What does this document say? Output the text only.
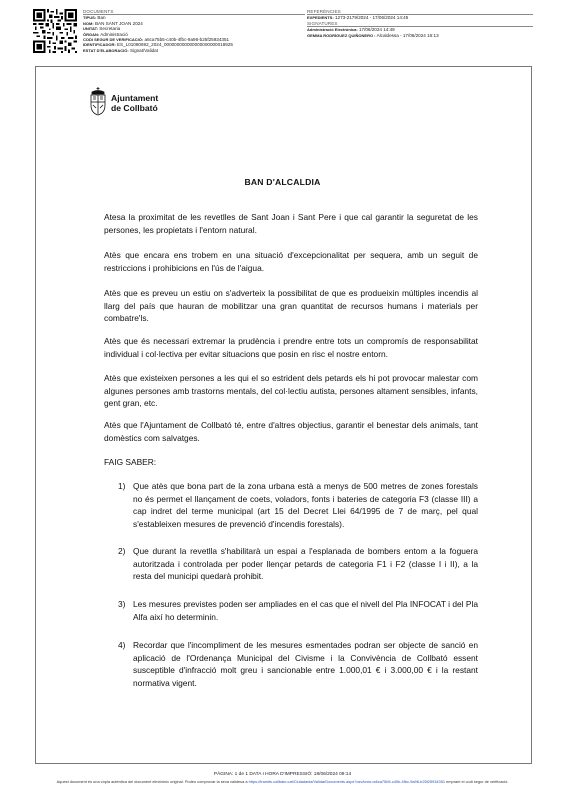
DOCUMENTS
TIPUS: Ban
NOM: BAN SANT JOAN 2024
UNITAT: Secretaria
ÒRGAN: Administració
CODI SEGUR DE VERIFICACIÓ: a6ca75b5-c40b-4fbc-9a96-b25f25934351
IDENTIFICADOR: ES_L01080692_2024_000000000000000000000018925
ESTAT D'ELABORACIÓ: Signat/Validat
REFERÈNCIES
EXPEDIENTS: 1273-2179/2024 - 17/06/2024 14:45
SIGNATURES
Administració Electrònica: 17/06/2024 14:49
GEMMA RODRÍGUEZ QUIÑONERO : Alcaldessa - 17/06/2024 16:13
Ajuntament
de Collbató
BAN D'ALCALDIA
Atesa la proximitat de les revetlles de Sant Joan i Sant Pere i que cal garantir la seguretat de les persones, les propietats i l'entorn natural.
Atès que encara ens trobem en una situació d'excepcionalitat per sequera, amb un seguit de restriccions i prohibicions en l'ús de l'aigua.
Atès que es preveu un estiu on s'adverteix la possibilitat de que es produeixin múltiples incendis al llarg del país que hauran de mobilitzar una gran quantitat de recursos humans i materials per combatre'ls.
Atès que és necessari extremar la prudència i prendre entre tots un compromís de responsabilitat individual i col·lectiva per evitar situacions que posin en risc el nostre entorn.
Atès que existeixen persones a les qui el so estrident dels petards els hi pot provocar malestar com algunes persones amb trastorns mentals, del col·lectiu autista, persones altament sensibles, infants, gent gran, etc.
Atès que l'Ajuntament de Collbató té, entre d'altres objectius, garantir el benestar dels animals, tant domèstics com salvatges.
FAIG SABER:
1) Que atès que bona part de la zona urbana està a menys de 500 metres de zones forestals no és permet el llançament de coets, voladors, fonts i bateries de categoria F3 (classe III) a cap indret del terme municipal (art 15 del Decret Llei 64/1995 de 7 de març, pel qual s'estableixen mesures de prevenció d'incendis forestals).
2) Que durant la revetlla s'habilitarà un espai a l'esplanada de bombers entom a la foguera autoritzada i controlada per poder llençar petards de categoria F1 i F2 (classe I i II), a la resta del municipi quedarà prohibit.
3) Les mesures previstes poden ser ampliades en el cas que el nivell del Pla INFOCAT i del Pla Alfa així ho determinin.
4) Recordar que l'incompliment de les mesures esmentades podran ser objecte de sanció en aplicació de l'Ordenança Municipal del Civisme i la Convivència de Collbató essent susceptible d'infracció molt greu i sancionable entre 1.000,01 € i 3.000,00 € i la restant normativa vigent.
PÀGINA: 1 de 1 DATA I HORA D'IMPRESSIÓ: 18/06/2024 09:14
Aquest document és una còpia autèntica del document electrònic original. Podeu comprovar la seva validesa a https://tramits.collbato.cat/Ciutadania/ValidarDocuments.aspx?csvArxiu=a6ca75b5-c40b-4fbc-9a96-b25f25934351 emprant el codi segur de verificació.
